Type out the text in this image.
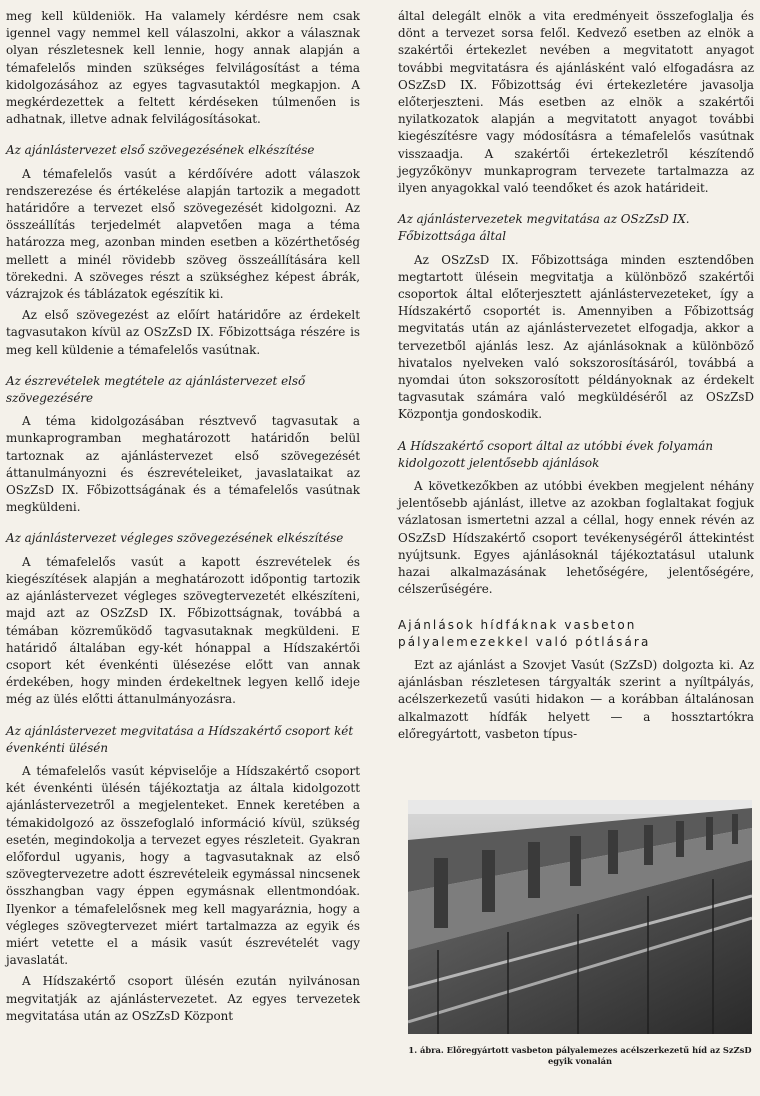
meg kell küldeniök. Ha valamely kérdésre nem csak igennel vagy nemmel kell válaszolni, akkor a válasznak olyan részletesnek kell lennie, hogy annak alapján a témafelelős minden szükséges felvilágosítást a téma kidolgozásához az egyes tagvasutaktól megkapjon. A megkérdezettek a feltett kérdéseken túlmenően is adhatnak, illetve adnak felvilágosításokat.

Az ajánlástervezet első szövegezésének elkészítése

A témafelelős vasút a kérdőívére adott válaszok rendszerezése és értékelése alapján tartozik a megadott határidőre a tervezet első szövegezését kidolgozni. Az összeállítás terjedelmét alapvetően maga a téma határozza meg, azonban minden esetben a közérthetőség mellett a minél rövidebb szöveg összeállítására kell törekedni. A szöveges részt a szükséghez képest ábrák, vázrajzok és táblázatok egészítik ki.

Az első szövegezést az előírt határidőre az érdekelt tagvasutakon kívül az OSzZsD IX. Főbizottsága részére is meg kell küldenie a témafelelős vasútnak.

Az észrevételek megtétele az ajánlástervezet első szövegezésére

A téma kidolgozásában résztvevő tagvasutak a munkaprogramban meghatározott határidőn belül tartoznak az ajánlástervezet első szövegezését áttanulmányozni és észrevételeiket, javaslataikat az OSzZsD IX. Főbizottságának és a témafelelős vasútnak megküldeni.

Az ajánlástervezet végleges szövegezésének elkészítése

A témafelelős vasút a kapott észrevételek és kiegészítések alapján a meghatározott időpontig tartozik az ajánlástervezet végleges szövegtervezetét elkészíteni, majd azt az OSzZsD IX. Főbizottságnak, továbbá a témában közreműködő tagvasutaknak megküldeni. E határidő általában egy-két hónappal a Hídszakértői csoport két évenkénti ülésezése előtt van annak érdekében, hogy minden érdekeltnek legyen kellő ideje még az ülés előtti áttanulmányozásra.

Az ajánlástervezet megvitatása a Hídszakértő csoport két évenkénti ülésén

A témafelelős vasút képviselője a Hídszakértő csoport két évenkénti ülésén tájékoztatja az általa kidolgozott ajánlástervezetről a megjelenteket. Ennek keretében a témakidolgozó az összefoglaló információ kívül, szükség esetén, megindokolja a tervezet egyes részleteit. Gyakran előfordul ugyanis, hogy a tagvasutaknak az első szövegtervezetre adott észrevételeik egymással nincsenek összhangban vagy éppen egymásnak ellentmondóak. Ilyenkor a témafelelősnek meg kell magyaráznia, hogy a végleges szövegtervezet miért tartalmazza az egyik és miért vetette el a másik vasút észrevételét vagy javaslatát.

A Hídszakértő csoport ülésén ezután nyilvánosan megvitatják az ajánlástervezetet. Az egyes tervezetek megvitatása után az OSzZsD Központ

által delegált elnök a vita eredményeit összefoglalja és dönt a tervezet sorsa felől. Kedvező esetben az elnök a szakértői értekezlet nevében a megvitatott anyagot további megvitatásra és ajánlásként való elfogadásra az OSzZsD IX. Főbizottság évi értekezletére javasolja előterjeszteni. Más esetben az elnök a szakértői nyilatkozatok alapján a megvitatott anyagot további kiegészítésre vagy módosításra a témafelelős vasútnak visszaadja. A szakértői értekezletről készítendő jegyzőkönyv munkaprogram tervezete tartalmazza az ilyen anyagokkal való teendőket és azok határideit.

Az ajánlástervezetek megvitatása az OSzZsD IX. Főbizottsága által

Az OSzZsD IX. Főbizottsága minden esztendőben megtartott ülésein megvitatja a különböző szakértői csoportok által előterjesztett ajánlástervezeteket, így a Hídszakértő csoportét is. Amennyiben a Főbizottság megvitatás után az ajánlástervezetet elfogadja, akkor a tervezetből ajánlás lesz. Az ajánlásoknak a különböző hivatalos nyelveken való sokszorosításáról, továbbá a nyomdai úton sokszorosított példányoknak az érdekelt tagvasutak számára való megküldéséről az OSzZsD Központja gondoskodik.

A Hídszakértő csoport által az utóbbi évek folyamán kidolgozott jelentősebb ajánlások

A következőkben az utóbbi években megjelent néhány jelentősebb ajánlást, illetve az azokban foglaltakat fogjuk vázlatosan ismertetni azzal a céllal, hogy ennek révén az OSzZsD Hídszakértő csoport tevékenységéről áttekintést nyújtsunk. Egyes ajánlásoknál tájékoztatásul utalunk hazai alkalmazásának lehetőségére, jelentőségére, célszerűségére.

Ajánlások hídfáknak vasbeton pályalemezekkel való pótlására

Ezt az ajánlást a Szovjet Vasút (SzZsD) dolgozta ki. Az ajánlásban részletesen tárgyalták szerint a nyíltpályás, acélszerkezetű vasúti hidakon — a korábban általánosan alkalmazott hídfák helyett — a hossztartókra előregyártott, vasbeton típus-

1. ábra. Előregyártott vasbeton pályalemezes acélszerkezetű híd az SzZsD egyik vonalán
